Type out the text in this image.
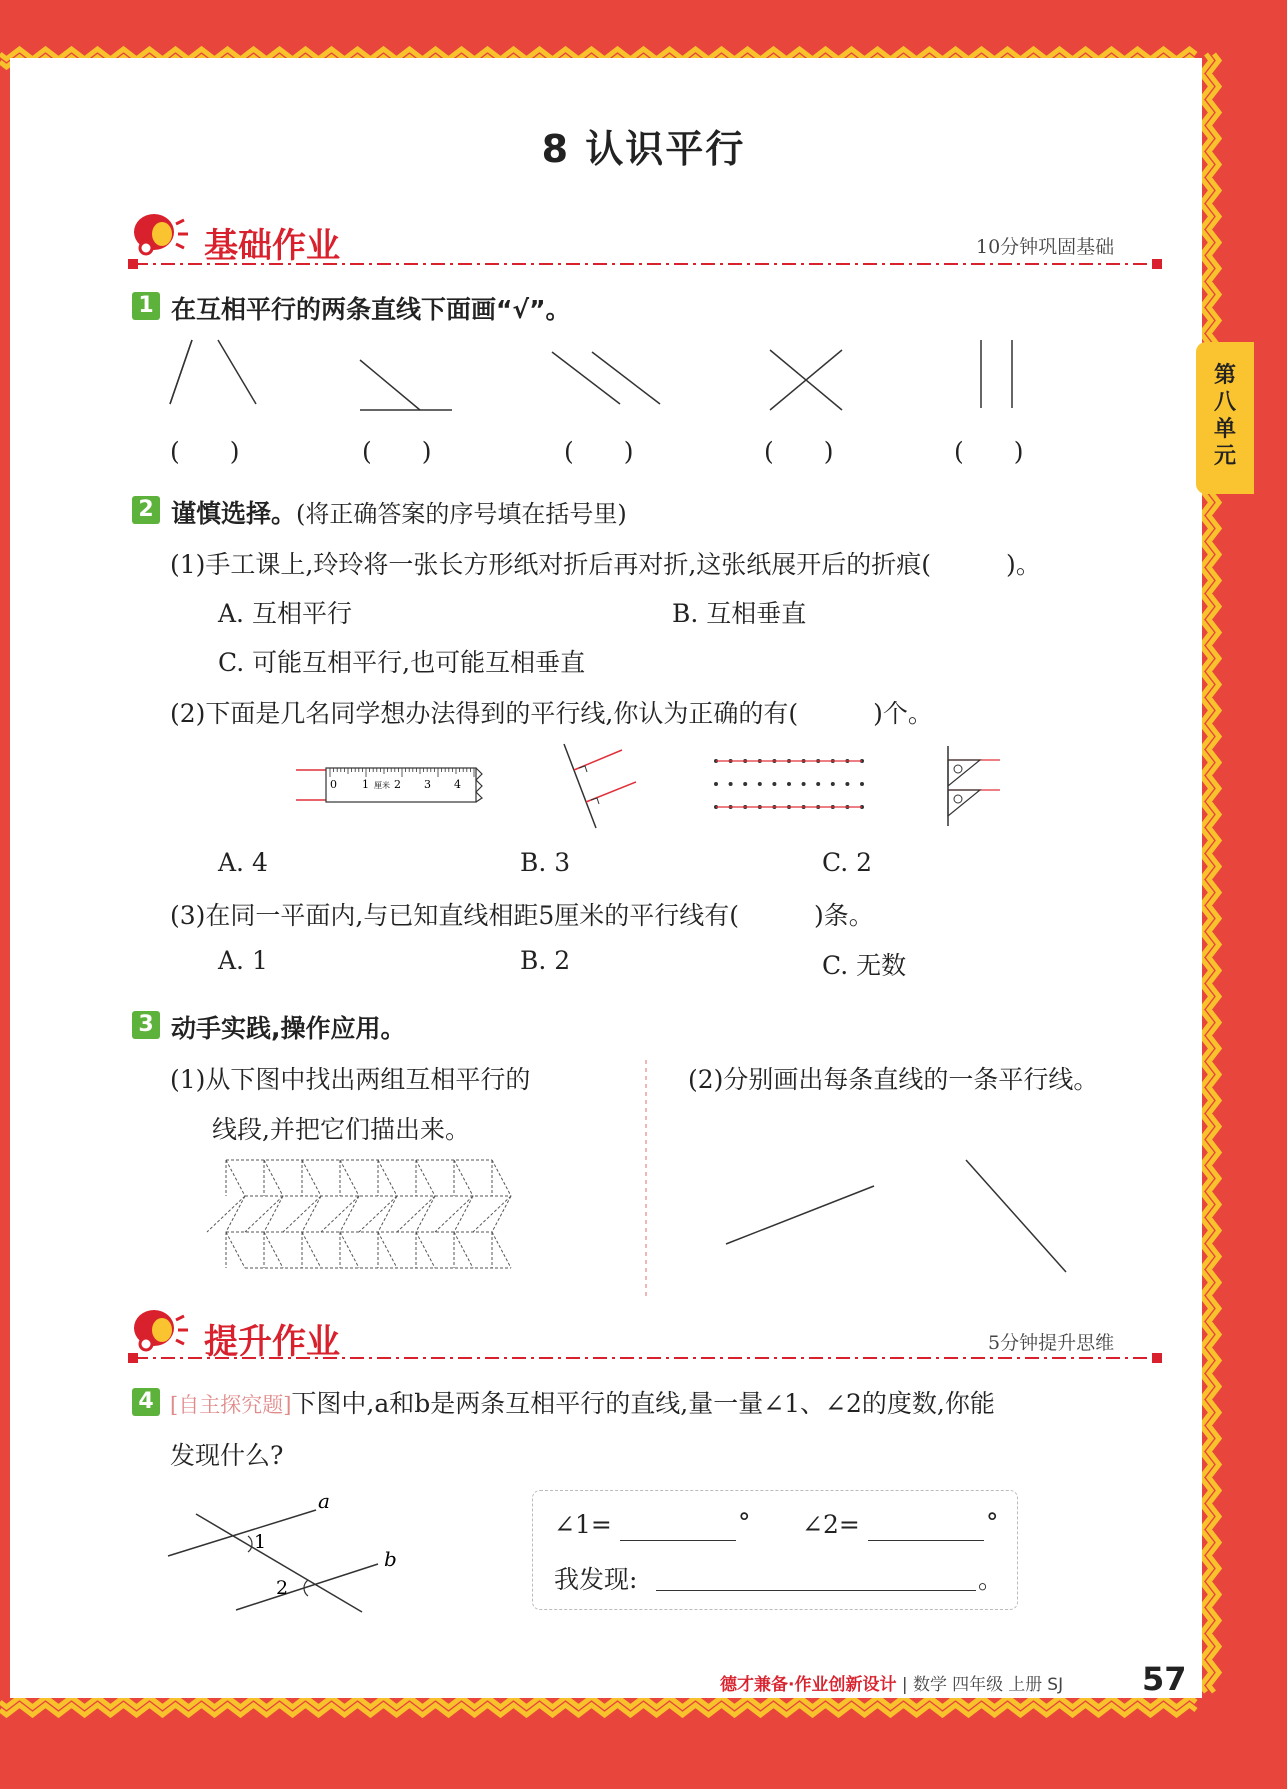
第
八
单
元
8 认识平行
基础作业	10分钟巩固基础
1 在互相平行的两条直线下面画“√”。
(　　)	(　　)	(　　)	(　　)	(　　)
2 谨慎选择。(将正确答案的序号填在括号里)
(1)手工课上,玲玲将一张长方形纸对折后再对折,这张纸展开后的折痕(　　　)。
A. 互相平行	B. 互相垂直
C. 可能互相平行,也可能互相垂直
(2)下面是几名同学想办法得到的平行线,你认为正确的有(　　　)个。
0 1 厘米 2 3 4
A. 4	B. 3	C. 2
(3)在同一平面内,与已知直线相距5厘米的平行线有(　　　)条。
A. 1	B. 2	C. 无数
3 动手实践,操作应用。
(1)从下图中找出两组互相平行的
线段,并把它们描出来。
(2)分别画出每条直线的一条平行线。
提升作业	5分钟提升思维
4 [自主探究题]下图中,a和b是两条互相平行的直线,量一量∠1、∠2的度数,你能
发现什么?
a
b
1
2
∠1=	° ∠2=	°
我发现:	。
德才兼备·作业创新设计 | 数学 四年级 上册 SJ 57
